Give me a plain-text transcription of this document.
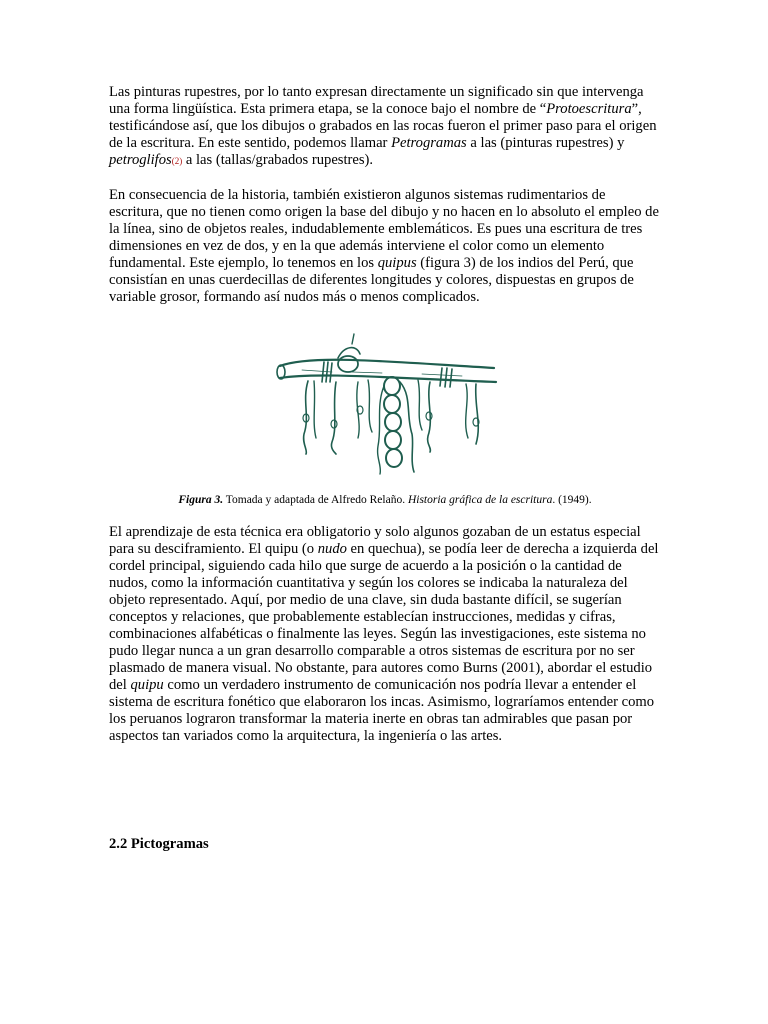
Las pinturas rupestres, por lo tanto expresan directamente un significado sin que intervenga una forma lingüística. Esta primera etapa, se la conoce bajo el nombre de “Protoescritura”, testificándose así, que los dibujos o grabados en las rocas fueron el primer paso para el origen de la escritura. En este sentido, podemos llamar Petrogramas a las (pinturas rupestres) y petroglifos(2) a las (tallas/grabados rupestres).

En consecuencia de la historia, también existieron algunos sistemas rudimentarios de escritura, que no tienen como origen la base del dibujo y no hacen en lo absoluto el empleo de la línea, sino de objetos reales, indudablemente emblemáticos. Es pues una escritura de tres dimensiones en vez de dos, y en la que además interviene el color como un elemento fundamental. Este ejemplo, lo tenemos en los quipus (figura 3) de los indios del Perú, que consistían en unas cuerdecillas de diferentes longitudes y colores, dispuestas en grupos de variable grosor, formando así nudos más o menos complicados.

Figura 3. Tomada y adaptada de Alfredo Relaño. Historia gráfica de la escritura. (1949).

El aprendizaje de esta técnica era obligatorio y solo algunos gozaban de un estatus especial para su desciframiento. El quipu (o nudo en quechua), se podía leer de derecha a izquierda del cordel principal, siguiendo cada hilo que surge de acuerdo a la posición o la cantidad de nudos, como la información cuantitativa y según los colores se indicaba la naturaleza del objeto representado. Aquí, por medio de una clave, sin duda bastante difícil, se sugerían conceptos y relaciones, que probablemente establecían instrucciones, medidas y cifras, combinaciones alfabéticas o finalmente las leyes. Según las investigaciones, este sistema no pudo llegar nunca a un gran desarrollo comparable a otros sistemas de escritura por no ser plasmado de manera visual. No obstante, para autores como Burns (2001), abordar el estudio del quipu como un verdadero instrumento de comunicación nos podría llevar a entender el sistema de escritura fonético que elaboraron los incas. Asimismo, lograríamos entender como los peruanos lograron transformar la materia inerte en obras tan admirables que pasan por aspectos tan variados como la arquitectura, la ingeniería o las artes.

2.2 Pictogramas
